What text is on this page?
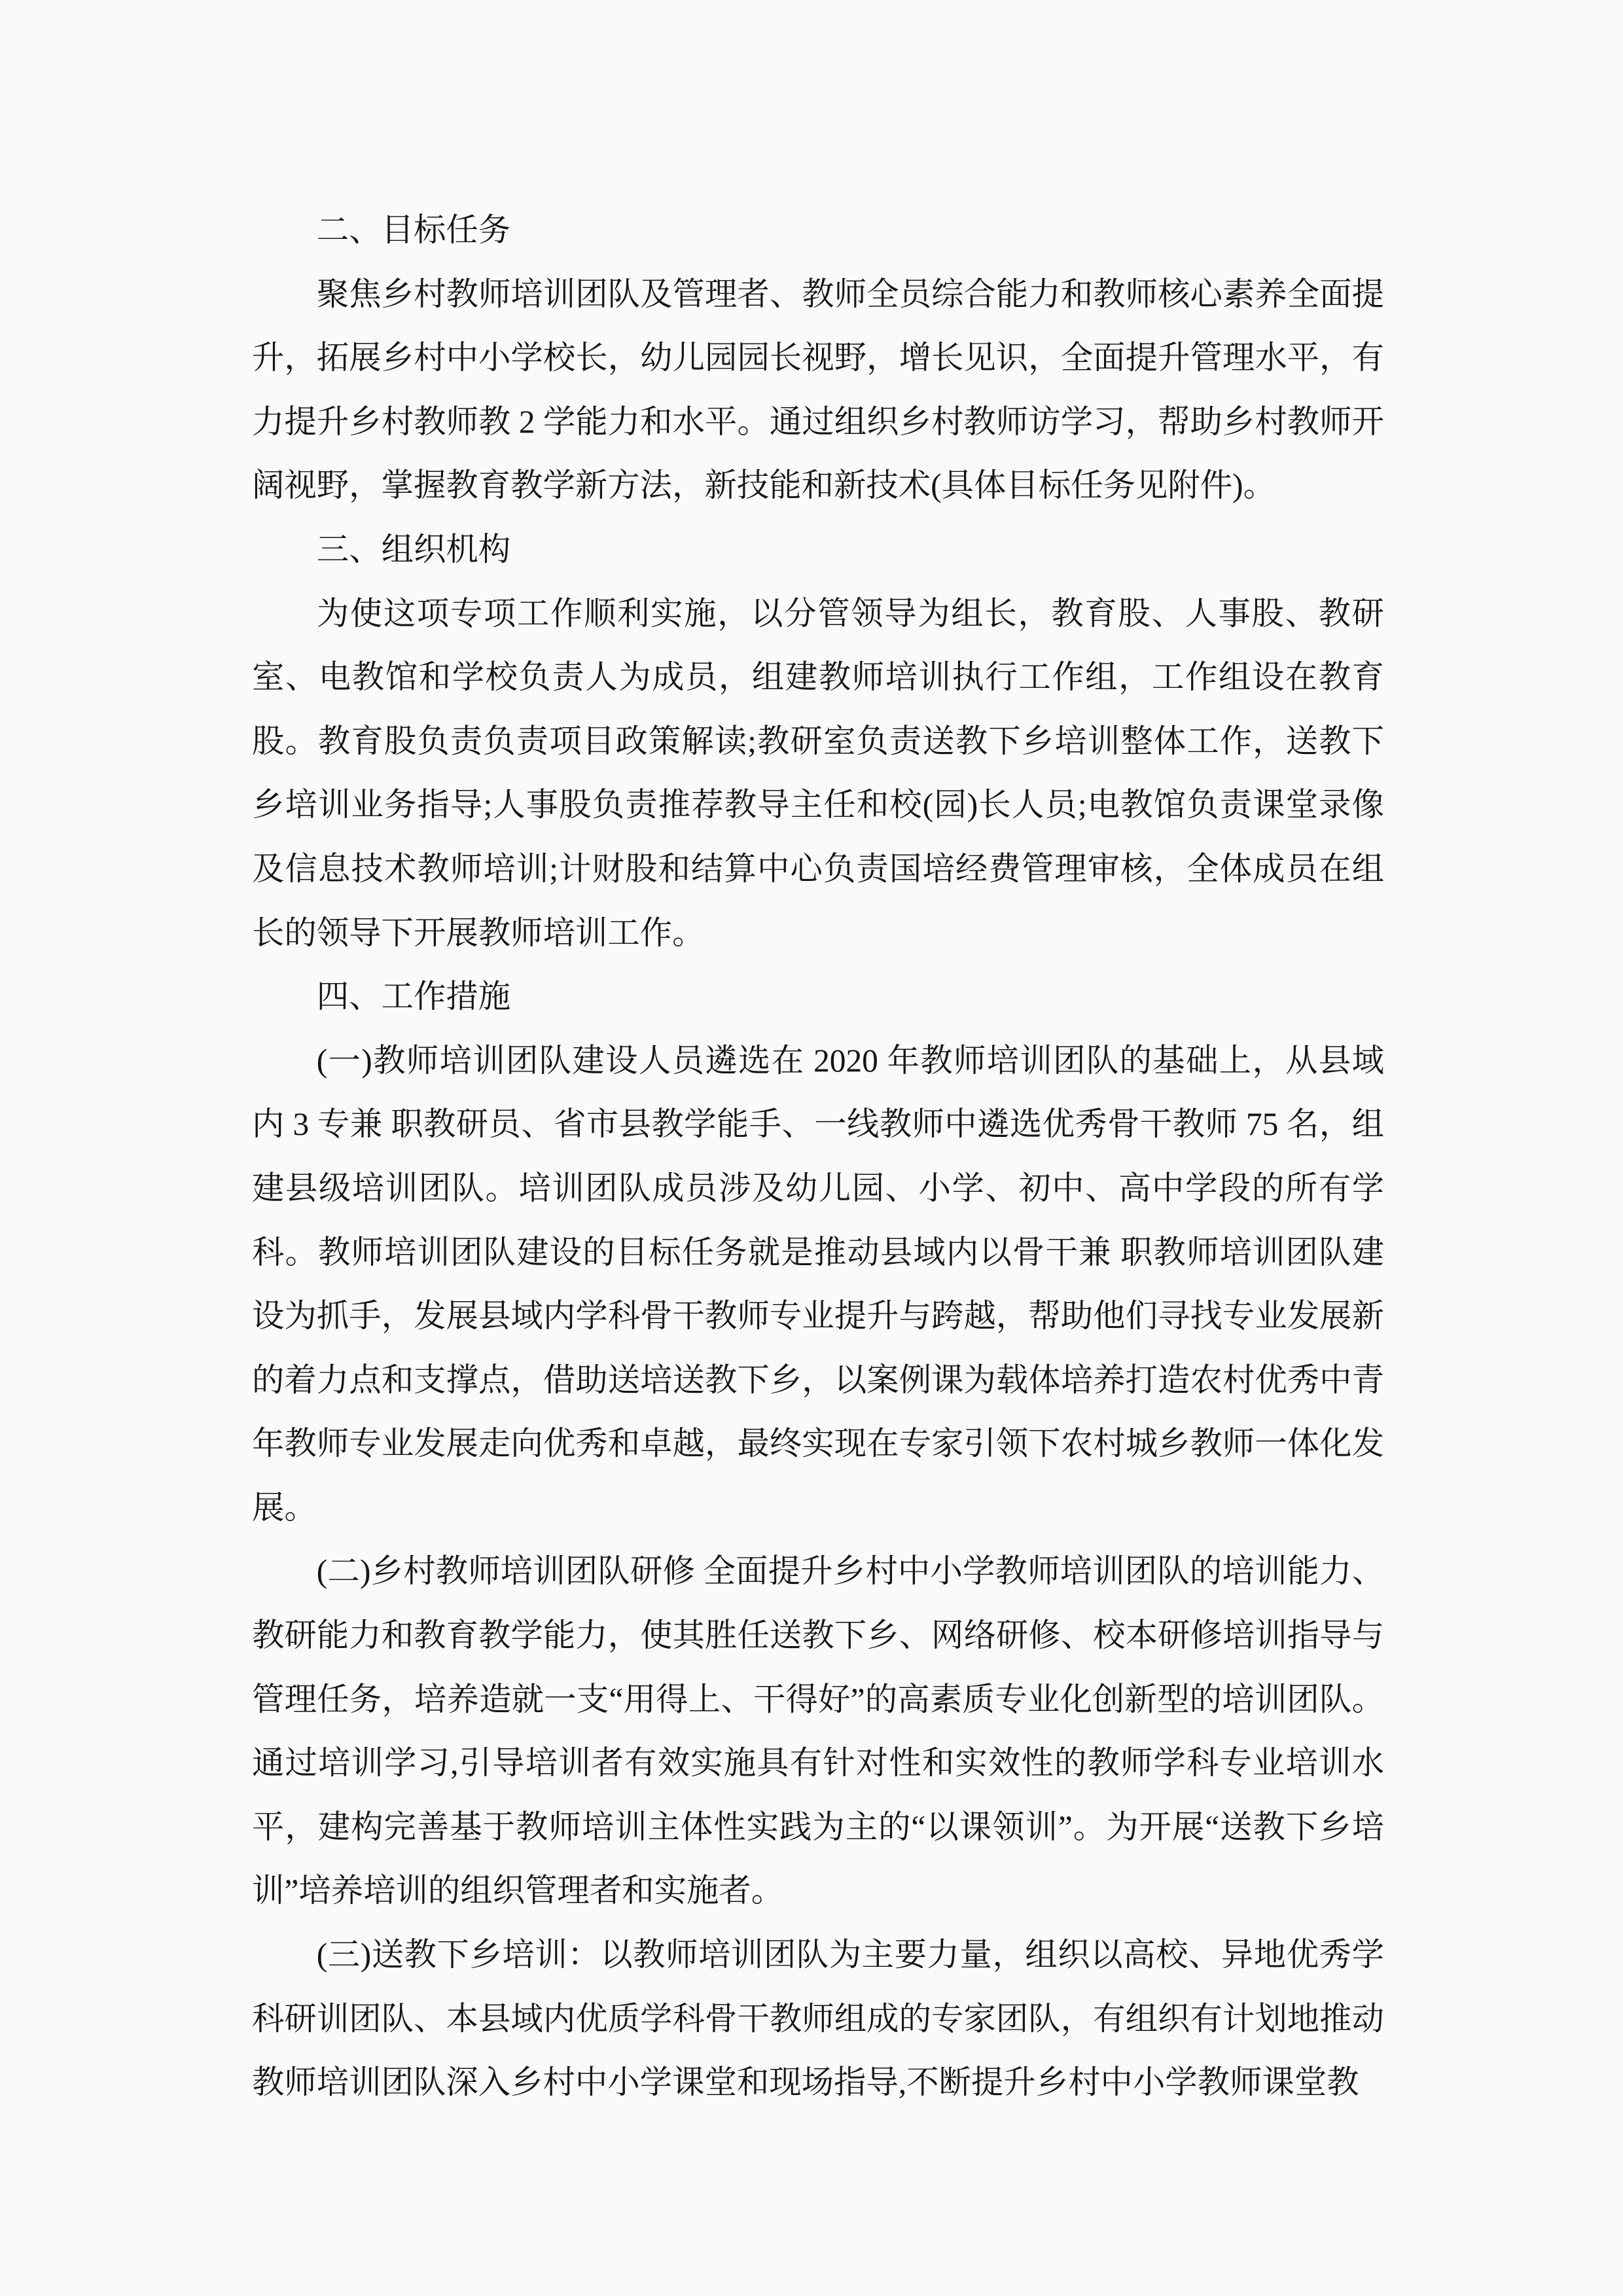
二、目标任务

聚焦乡村教师培训团队及管理者、教师全员综合能力和教师核心素养全面提升，拓展乡村中小学校长，幼儿园园长视野，增长见识，全面提升管理水平，有力提升乡村教师教 2 学能力和水平。通过组织乡村教师访学习，帮助乡村教师开阔视野，掌握教育教学新方法，新技能和新技术(具体目标任务见附件)。

三、组织机构

为使这项专项工作顺利实施，以分管领导为组长，教育股、人事股、教研室、电教馆和学校负责人为成员，组建教师培训执行工作组，工作组设在教育股。教育股负责负责项目政策解读;教研室负责送教下乡培训整体工作，送教下乡培训业务指导;人事股负责推荐教导主任和校(园)长人员;电教馆负责课堂录像及信息技术教师培训;计财股和结算中心负责国培经费管理审核，全体成员在组长的领导下开展教师培训工作。

四、工作措施

(一)教师培训团队建设人员遴选在 2020 年教师培训团队的基础上，从县域内 3 专兼 职教研员、省市县教学能手、一线教师中遴选优秀骨干教师 75 名，组建县级培训团队。培训团队成员涉及幼儿园、小学、初中、高中学段的所有学科。教师培训团队建设的目标任务就是推动县域内以骨干兼 职教师培训团队建设为抓手，发展县域内学科骨干教师专业提升与跨越，帮助他们寻找专业发展新的着力点和支撑点，借助送培送教下乡，以案例课为载体培养打造农村优秀中青年教师专业发展走向优秀和卓越，最终实现在专家引领下农村城乡教师一体化发展。

(二)乡村教师培训团队研修 全面提升乡村中小学教师培训团队的培训能力、教研能力和教育教学能力，使其胜任送教下乡、网络研修、校本研修培训指导与管理任务，培养造就一支“用得上、干得好”的高素质专业化创新型的培训团队。通过培训学习,引导培训者有效实施具有针对性和实效性的教师学科专业培训水平，建构完善基于教师培训主体性实践为主的“以课领训”。为开展“送教下乡培训”培养培训的组织管理者和实施者。

(三)送教下乡培训：以教师培训团队为主要力量，组织以高校、异地优秀学科研训团队、本县域内优质学科骨干教师组成的专家团队，有组织有计划地推动教师培训团队深入乡村中小学课堂和现场指导,不断提升乡村中小学教师课堂教
